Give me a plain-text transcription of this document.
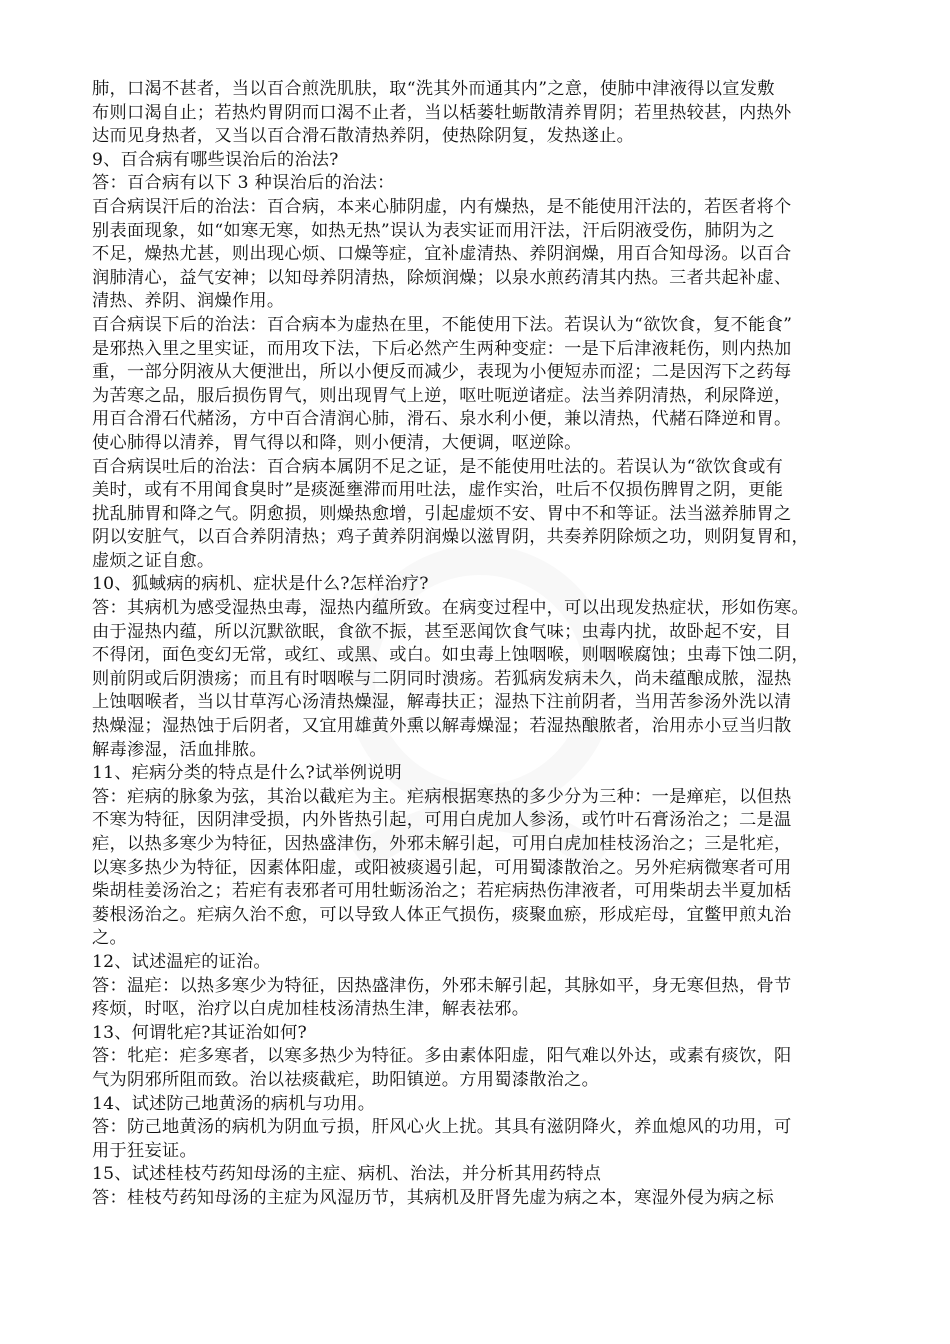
肺，口渴不甚者，当以百合煎洗肌肤，取“洗其外而通其内”之意，使肺中津液得以宣发敷
布则口渴自止；若热灼胃阴而口渴不止者，当以栝蒌牡蛎散清养胃阴；若里热较甚，内热外
达而见身热者，又当以百合滑石散清热养阴，使热除阴复，发热遂止。
9、百合病有哪些误治后的治法?
答：百合病有以下 3 种误治后的治法：
百合病误汗后的治法：百合病，本来心肺阴虚，内有燥热，是不能使用汗法的，若医者将个
别表面现象，如“如寒无寒，如热无热”误认为表实证而用汗法，汗后阴液受伤，肺阴为之
不足，燥热尤甚，则出现心烦、口燥等症，宜补虚清热、养阴润燥，用百合知母汤。以百合
润肺清心，益气安神；以知母养阴清热，除烦润燥；以泉水煎药清其内热。三者共起补虚、
清热、养阴、润燥作用。
百合病误下后的治法：百合病本为虚热在里，不能使用下法。若误认为“欲饮食，复不能食”
是邪热入里之里实证，而用攻下法，下后必然产生两种变症：一是下后津液耗伤，则内热加
重，一部分阴液从大便泄出，所以小便反而减少，表现为小便短赤而涩；二是因泻下之药每
为苦寒之品，服后损伤胃气，则出现胃气上逆，呕吐呃逆诸症。法当养阴清热，利尿降逆，
用百合滑石代赭汤，方中百合清润心肺，滑石、泉水利小便，兼以清热，代赭石降逆和胃。
使心肺得以清养，胃气得以和降，则小便清，大便调，呕逆除。
百合病误吐后的治法：百合病本属阴不足之证，是不能使用吐法的。若误认为“欲饮食或有
美时，或有不用闻食臭时”是痰涎壅滞而用吐法，虚作实治，吐后不仅损伤脾胃之阴，更能
扰乱肺胃和降之气。阴愈损，则燥热愈增，引起虚烦不安、胃中不和等证。法当滋养肺胃之
阴以安脏气，以百合养阴清热；鸡子黄养阴润燥以滋胃阴，共奏养阴除烦之功，则阴复胃和，
虚烦之证自愈。
10、狐蜮病的病机、症状是什么?怎样治疗?
答：其病机为感受湿热虫毒，湿热内蕴所致。在病变过程中，可以出现发热症状，形如伤寒。
由于湿热内蕴，所以沉默欲眠，食欲不振，甚至恶闻饮食气味；虫毒内扰，故卧起不安，目
不得闭，面色变幻无常，或红、或黑、或白。如虫毒上蚀咽喉，则咽喉腐蚀；虫毒下蚀二阴，
则前阴或后阴溃疡；而且有时咽喉与二阴同时溃疡。若狐病发病未久，尚未蕴酿成脓，湿热
上蚀咽喉者，当以甘草泻心汤清热燥湿，解毒扶正；湿热下注前阴者，当用苦参汤外洗以清
热燥湿；湿热蚀于后阴者，又宜用雄黄外熏以解毒燥湿；若湿热酿脓者，治用赤小豆当归散
解毒渗湿，活血排脓。
11、疟病分类的特点是什么?试举例说明
答：疟病的脉象为弦，其治以截疟为主。疟病根据寒热的多少分为三种：一是瘅疟，以但热
不寒为特征，因阴津受损，内外皆热引起，可用白虎加人参汤，或竹叶石膏汤治之；二是温
疟，以热多寒少为特征，因热盛津伤，外邪未解引起，可用白虎加桂枝汤治之；三是牝疟，
以寒多热少为特征，因素体阳虚，或阳被痰遏引起，可用蜀漆散治之。另外疟病微寒者可用
柴胡桂姜汤治之；若疟有表邪者可用牡蛎汤治之；若疟病热伤津液者，可用柴胡去半夏加栝
蒌根汤治之。疟病久治不愈，可以导致人体正气损伤，痰聚血瘀，形成疟母，宜鳖甲煎丸治
之。
12、试述温疟的证治。
答：温疟：以热多寒少为特征，因热盛津伤，外邪未解引起，其脉如平，身无寒但热，骨节
疼烦，时呕，治疗以白虎加桂枝汤清热生津，解表祛邪。
13、何谓牝疟?其证治如何?
答：牝疟：疟多寒者，以寒多热少为特征。多由素体阳虚，阳气难以外达，或素有痰饮，阳
气为阴邪所阻而致。治以祛痰截疟，助阳镇逆。方用蜀漆散治之。
14、试述防己地黄汤的病机与功用。
答：防己地黄汤的病机为阴血亏损，肝风心火上扰。其具有滋阴降火，养血熄风的功用，可
用于狂妄证。
15、试述桂枝芍药知母汤的主症、病机、治法，并分析其用药特点
答：桂枝芍药知母汤的主症为风湿历节，其病机及肝肾先虚为病之本，寒湿外侵为病之标
